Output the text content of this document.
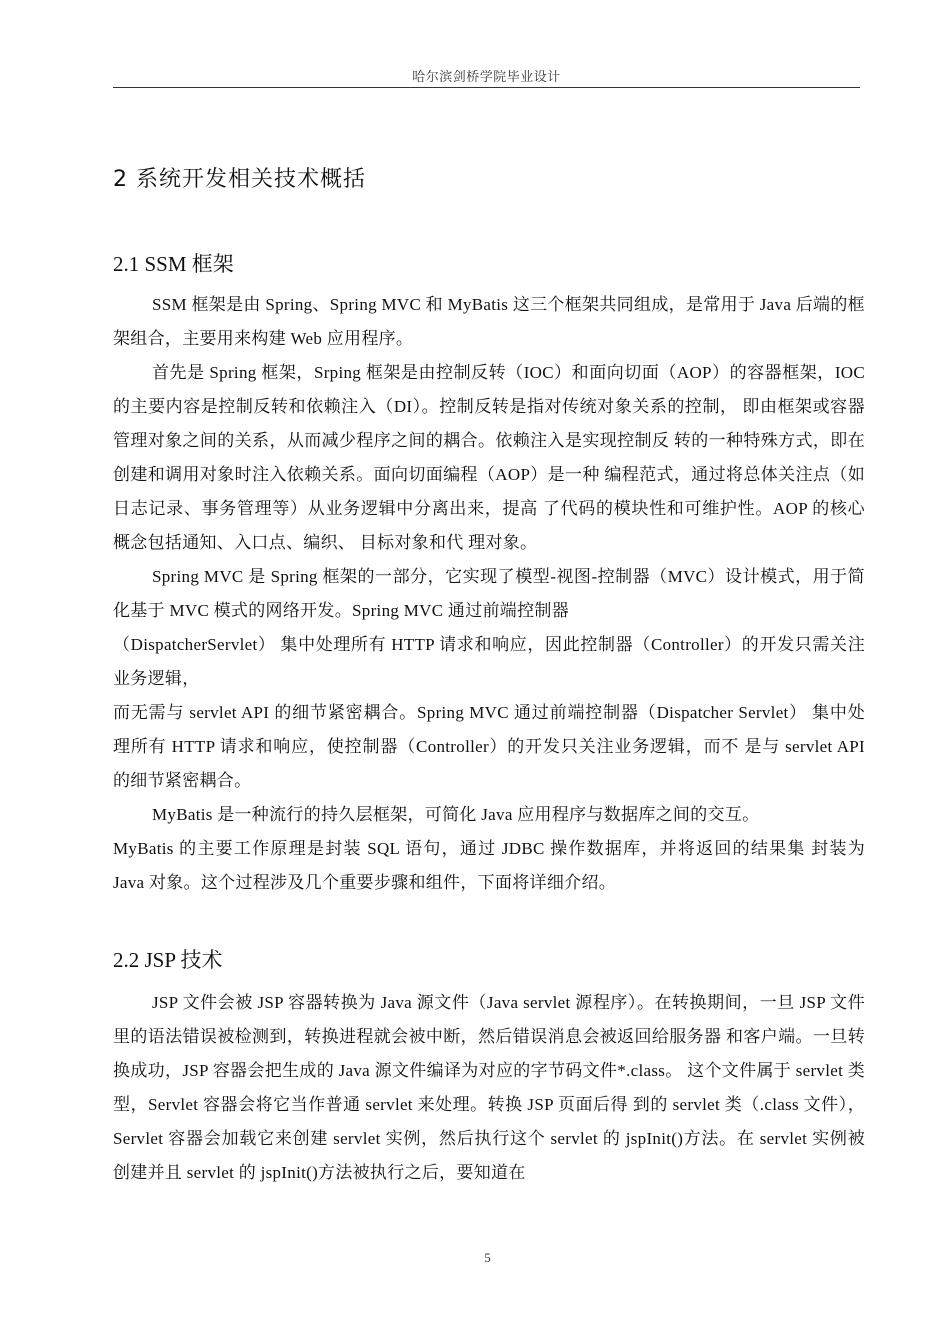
哈尔滨剑桥学院毕业设计
2 系统开发相关技术概括
2.1 SSM 框架

SSM 框架是由 Spring、Spring MVC 和 MyBatis 这三个框架共同组成，是常用于 Java 后端的框架组合，主要用来构建 Web 应用程序。

首先是 Spring 框架，Srping 框架是由控制反转（IOC）和面向切面（AOP）的容器框架，IOC 的主要内容是控制反转和依赖注入（DI）。控制反转是指对传统对象关系的控制， 即由框架或容器管理对象之间的关系，从而减少程序之间的耦合。依赖注入是实现控制反 转的一种特殊方式，即在创建和调用对象时注入依赖关系。面向切面编程（AOP）是一种 编程范式，通过将总体关注点（如日志记录、事务管理等）从业务逻辑中分离出来，提高 了代码的模块性和可维护性。AOP 的核心概念包括通知、入口点、编织、 目标对象和代 理对象。

Spring MVC 是 Spring 框架的一部分，它实现了模型-视图-控制器（MVC）设计模式，用于简化基于 MVC 模式的网络开发。Spring MVC 通过前端控制器

（DispatcherServlet） 集中处理所有 HTTP 请求和响应，因此控制器（Controller）的开发只需关注业务逻辑，

而无需与 servlet API 的细节紧密耦合。Spring MVC 通过前端控制器（Dispatcher Servlet） 集中处理所有 HTTP 请求和响应，使控制器（Controller）的开发只关注业务逻辑，而不 是与 servlet API 的细节紧密耦合。

MyBatis 是一种流行的持久层框架，可简化 Java 应用程序与数据库之间的交互。

MyBatis 的主要工作原理是封装 SQL 语句，通过 JDBC 操作数据库，并将返回的结果集 封装为 Java 对象。这个过程涉及几个重要步骤和组件，下面将详细介绍。

2.2 JSP 技术

JSP 文件会被 JSP 容器转换为 Java 源文件（Java servlet 源程序）。在转换期间，一旦 JSP 文件里的语法错误被检测到，转换进程就会被中断，然后错误消息会被返回给服务器 和客户端。一旦转换成功，JSP 容器会把生成的 Java 源文件编译为对应的字节码文件*.class。 这个文件属于 servlet 类型，Servlet 容器会将它当作普通 servlet 来处理。转换 JSP 页面后得 到的 servlet 类（.class 文件），Servlet 容器会加载它来创建 servlet 实例，然后执行这个 servlet 的 jspInit()方法。在 servlet 实例被创建并且 servlet 的 jspInit()方法被执行之后，要知道在

5
